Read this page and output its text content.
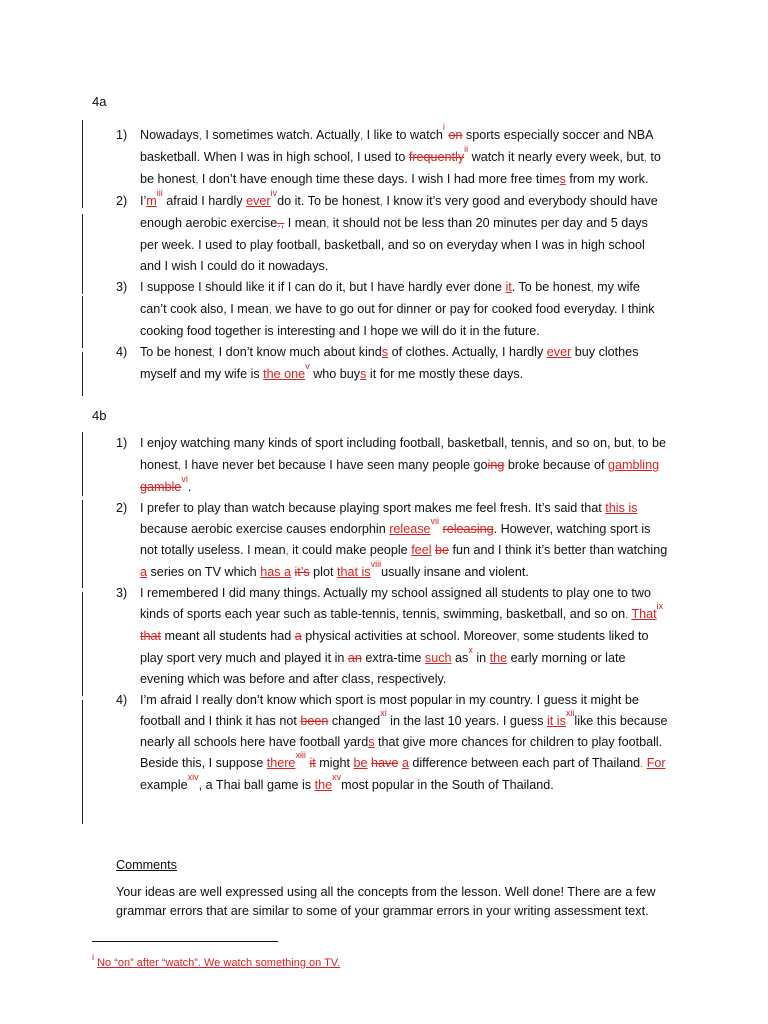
4a
1) Nowadays, I sometimes watch. Actually, I like to watch$^i$ on sports especially soccer and NBA basketball. When I was in high school, I used to frequently$^{ii}$ watch it nearly every week, but, to be honest, I don’t have enough time these days. I wish I had more free times from my work.
2) I’m$^{iii}$ afraid I hardly ever$^{iv}$do it. To be honest, I know it’s very good and everybody should have enough aerobic exercise., I mean, it should not be less than 20 minutes per day and 5 days per week. I used to play football, basketball, and so on everyday when I was in high school and I wish I could do it nowadays.
3) I suppose I should like it if I can do it, but I have hardly ever done it. To be honest, my wife can’t cook also, I mean, we have to go out for dinner or pay for cooked food everyday. I think cooking food together is interesting and I hope we will do it in the future.
4) To be honest, I don’t know much about kinds of clothes. Actually, I hardly ever buy clothes myself and my wife is the one$^v$ who buys it for me mostly these days.
4b
1) I enjoy watching many kinds of sport including football, basketball, tennis, and so on, but, to be honest, I have never bet because I have seen many people going broke because of gambling gamble$^{vi}$.
2) I prefer to play than watch because playing sport makes me feel fresh. It’s said that this is because aerobic exercise causes endorphin release$^{vii}$ releasing. However, watching sport is not totally useless. I mean, it could make people feel be fun and I think it’s better than watching a series on TV which has a it’s plot that is$^{viii}$usually insane and violent.
3) I remembered I did many things. Actually my school assigned all students to play one to two kinds of sports each year such as table-tennis, tennis, swimming, basketball, and so on. That$^{ix}$ that meant all students had a physical activities at school. Moreover, some students liked to play sport very much and played it in an extra-time such as$^x$ in the early morning or late evening which was before and after class, respectively.
4) I’m afraid I really don’t know which sport is most popular in my country. I guess it might be football and I think it has not been changed$^{xi}$ in the last 10 years. I guess it is$^{xii}$like this because nearly all schools here have football yards that give more chances for children to play football. Beside this, I suppose there$^{xiii}$ it might be have a difference between each part of Thailand. For example$^{xiv}$, a Thai ball game is the$^{xv}$most popular in the South of Thailand.
Comments
Your ideas are well expressed using all the concepts from the lesson. Well done! There are a few grammar errors that are similar to some of your grammar errors in your writing assessment text.
$^i$ No “on” after “watch”. We watch something on TV.
